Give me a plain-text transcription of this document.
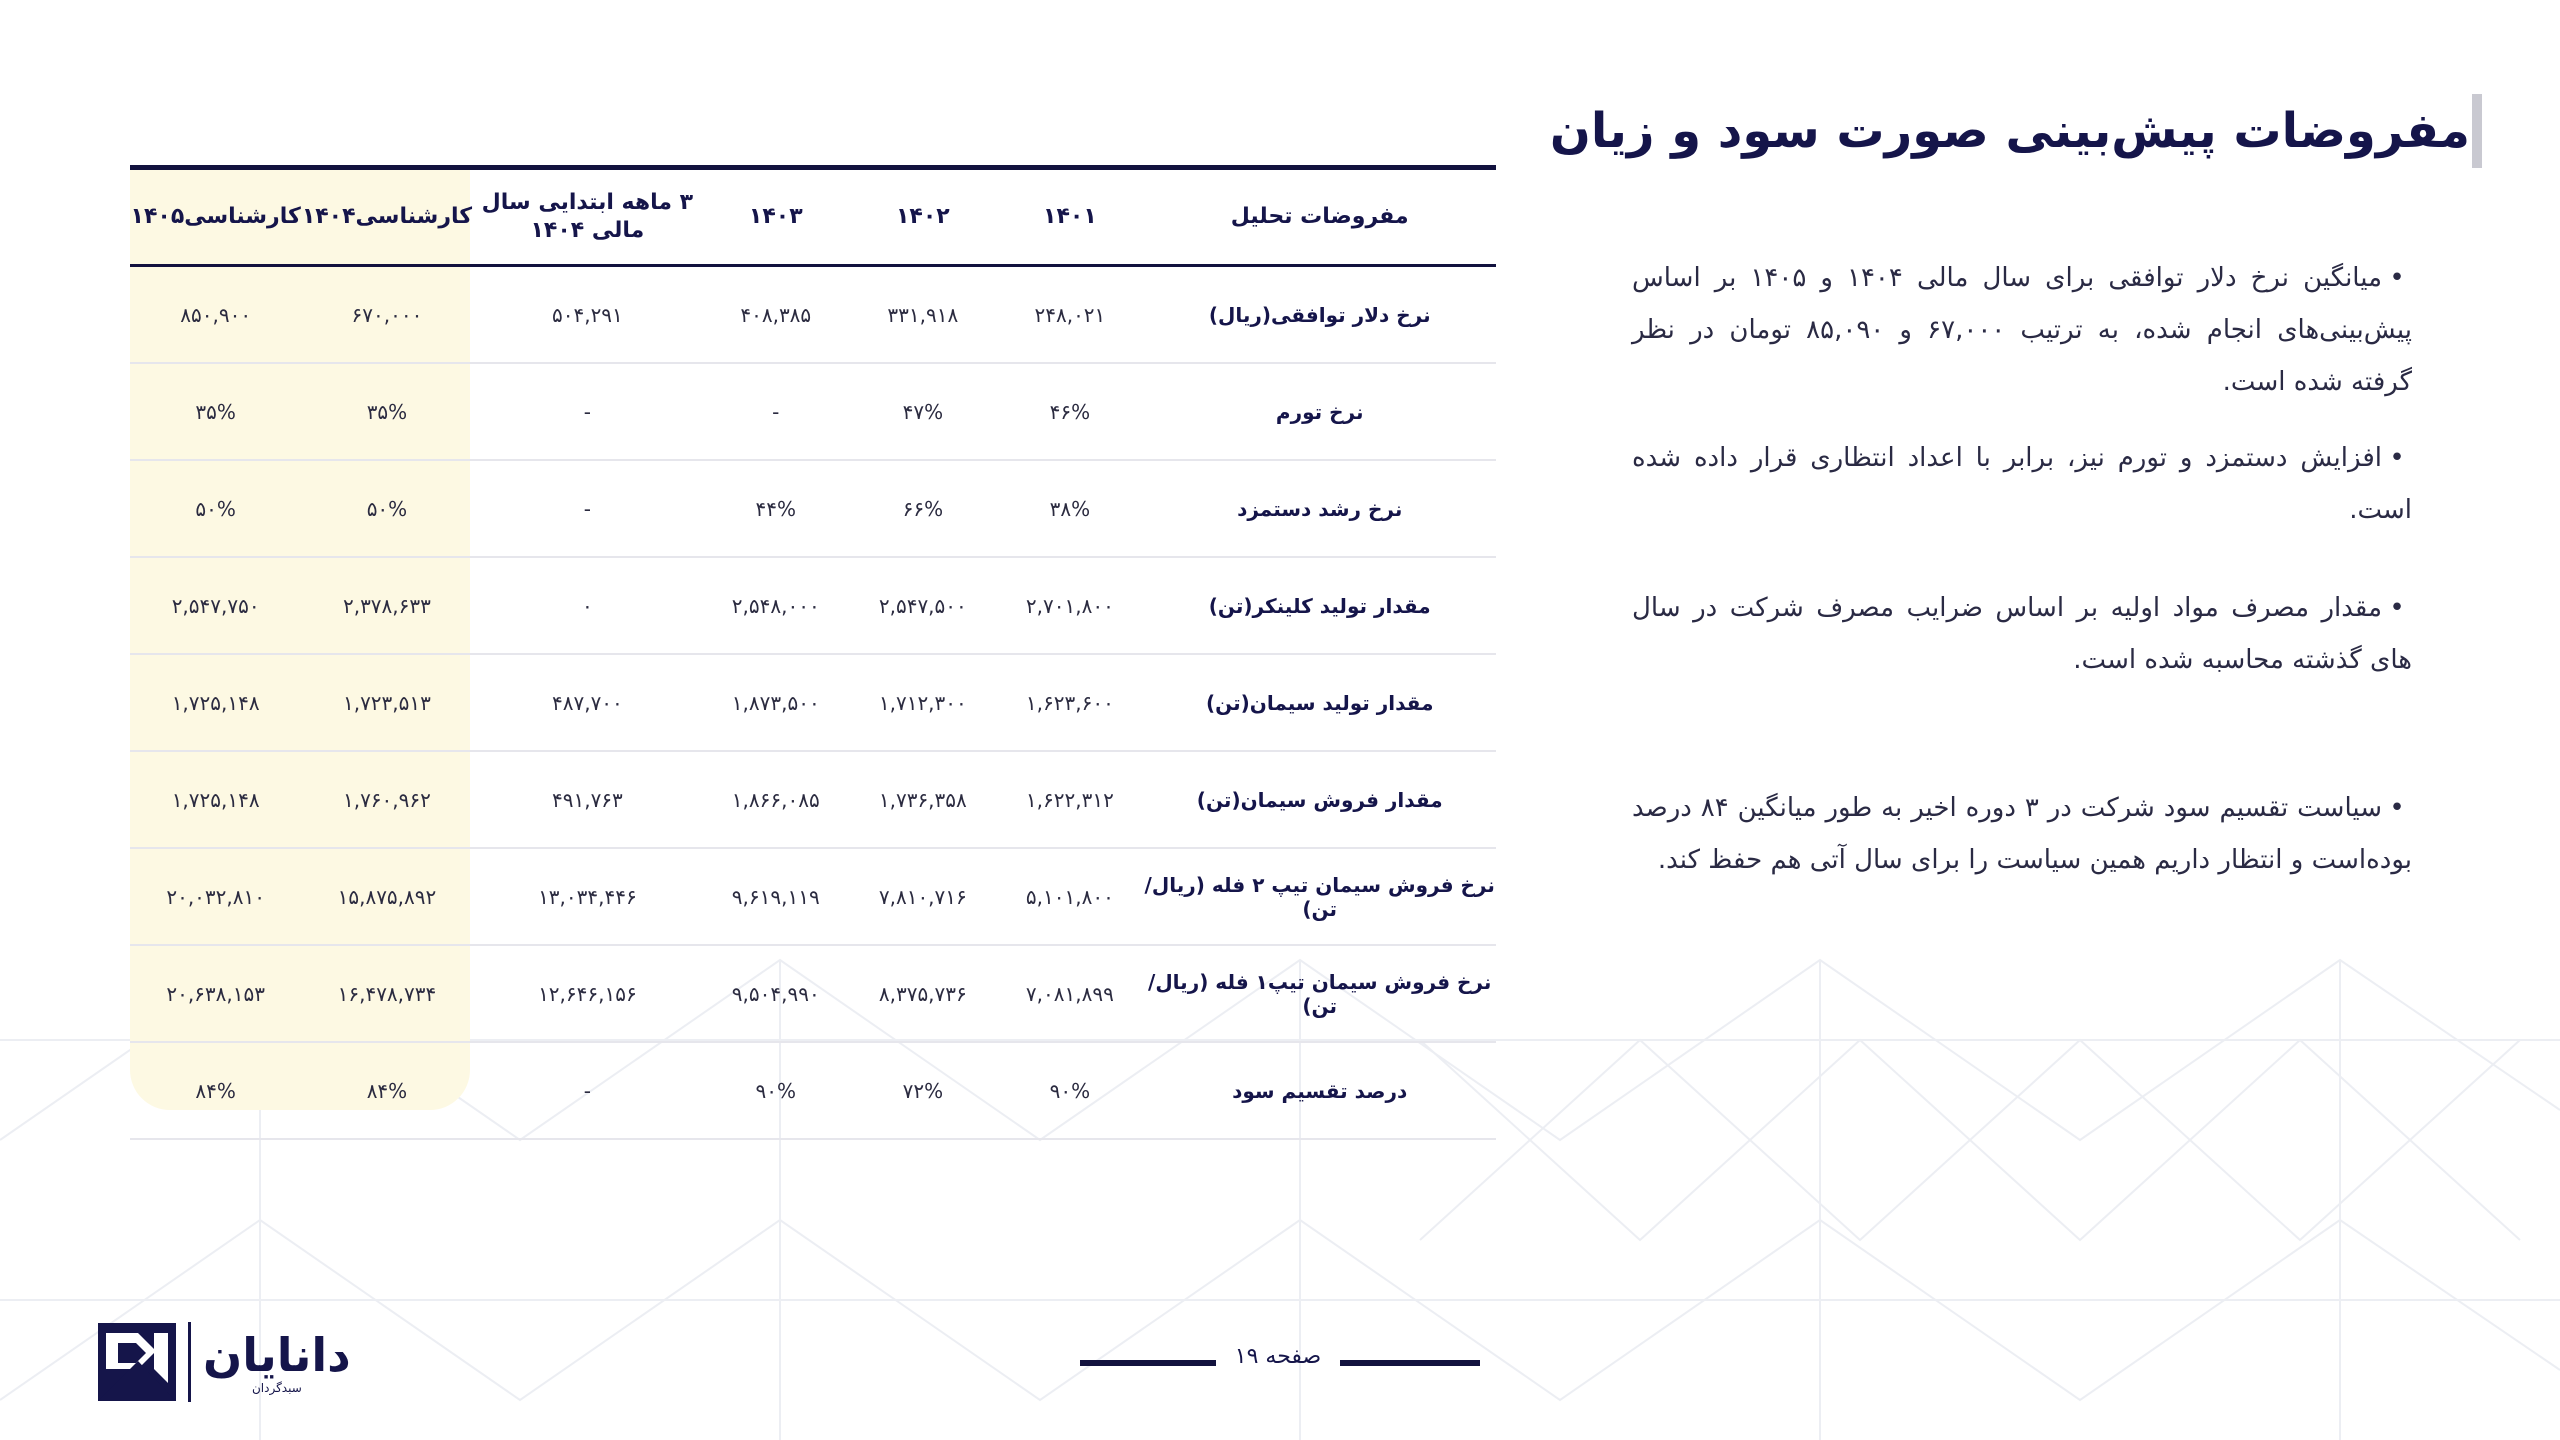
مفروضات پیش‌بینی صورت سود و زیان
•میانگین نرخ دلار توافقی برای سال مالی ۱۴۰۴ و ۱۴۰۵ بر اساس پیش‌بینی‌های انجام شده، به ترتیب ۶۷,۰۰۰ و ۸۵,۰۹۰ تومان در نظر گرفته شده است.
•افزایش دستمزد و تورم نیز، برابر با اعداد انتظاری قرار داده شده است.
•مقدار مصرف مواد اولیه بر اساس ضرایب مصرف شرکت در سال های گذشته محاسبه شده است.
•سیاست تقسیم سود شرکت در ۳ دوره اخیر به طور میانگین ۸۴ درصد بوده‌است و انتظار داریم همین سیاست را برای سال آتی هم حفظ کند.
مفروضات تحلیل	۱۴۰۱	۱۴۰۲	۱۴۰۳	۳ ماهه ابتدایی سال مالی ۱۴۰۴	کارشناسی۱۴۰۴	کارشناسی۱۴۰۵
نرخ دلار توافقی(ریال)	۲۴۸,۰۲۱	۳۳۱,۹۱۸	۴۰۸,۳۸۵	۵۰۴,۲۹۱	۶۷۰,۰۰۰	۸۵۰,۹۰۰
نرخ تورم	۴۶%	۴۷%	-	-	۳۵%	۳۵%
نرخ رشد دستمزد	۳۸%	۶۶%	۴۴%	-	۵۰%	۵۰%
مقدار تولید کلینکر(تن)	۲,۷۰۱,۸۰۰	۲,۵۴۷,۵۰۰	۲,۵۴۸,۰۰۰	۰	۲,۳۷۸,۶۳۳	۲,۵۴۷,۷۵۰
مقدار تولید سیمان(تن)	۱,۶۲۳,۶۰۰	۱,۷۱۲,۳۰۰	۱,۸۷۳,۵۰۰	۴۸۷,۷۰۰	۱,۷۲۳,۵۱۳	۱,۷۲۵,۱۴۸
مقدار فروش سیمان(تن)	۱,۶۲۲,۳۱۲	۱,۷۳۶,۳۵۸	۱,۸۶۶,۰۸۵	۴۹۱,۷۶۳	۱,۷۶۰,۹۶۲	۱,۷۲۵,۱۴۸
نرخ فروش سیمان تیپ ۲ فله (ریال/ تن)	۵,۱۰۱,۸۰۰	۷,۸۱۰,۷۱۶	۹,۶۱۹,۱۱۹	۱۳,۰۳۴,۴۴۶	۱۵,۸۷۵,۸۹۲	۲۰,۰۳۲,۸۱۰
نرخ فروش سیمان تیپ۱ فله (ریال/ تن)	۷,۰۸۱,۸۹۹	۸,۳۷۵,۷۳۶	۹,۵۰۴,۹۹۰	۱۲,۶۴۶,۱۵۶	۱۶,۴۷۸,۷۳۴	۲۰,۶۳۸,۱۵۳
درصد تقسیم سود	۹۰%	۷۲%	۹۰%	-	۸۴%	۸۴%
صفحه ۱۹
دانایان
سبدگردان
